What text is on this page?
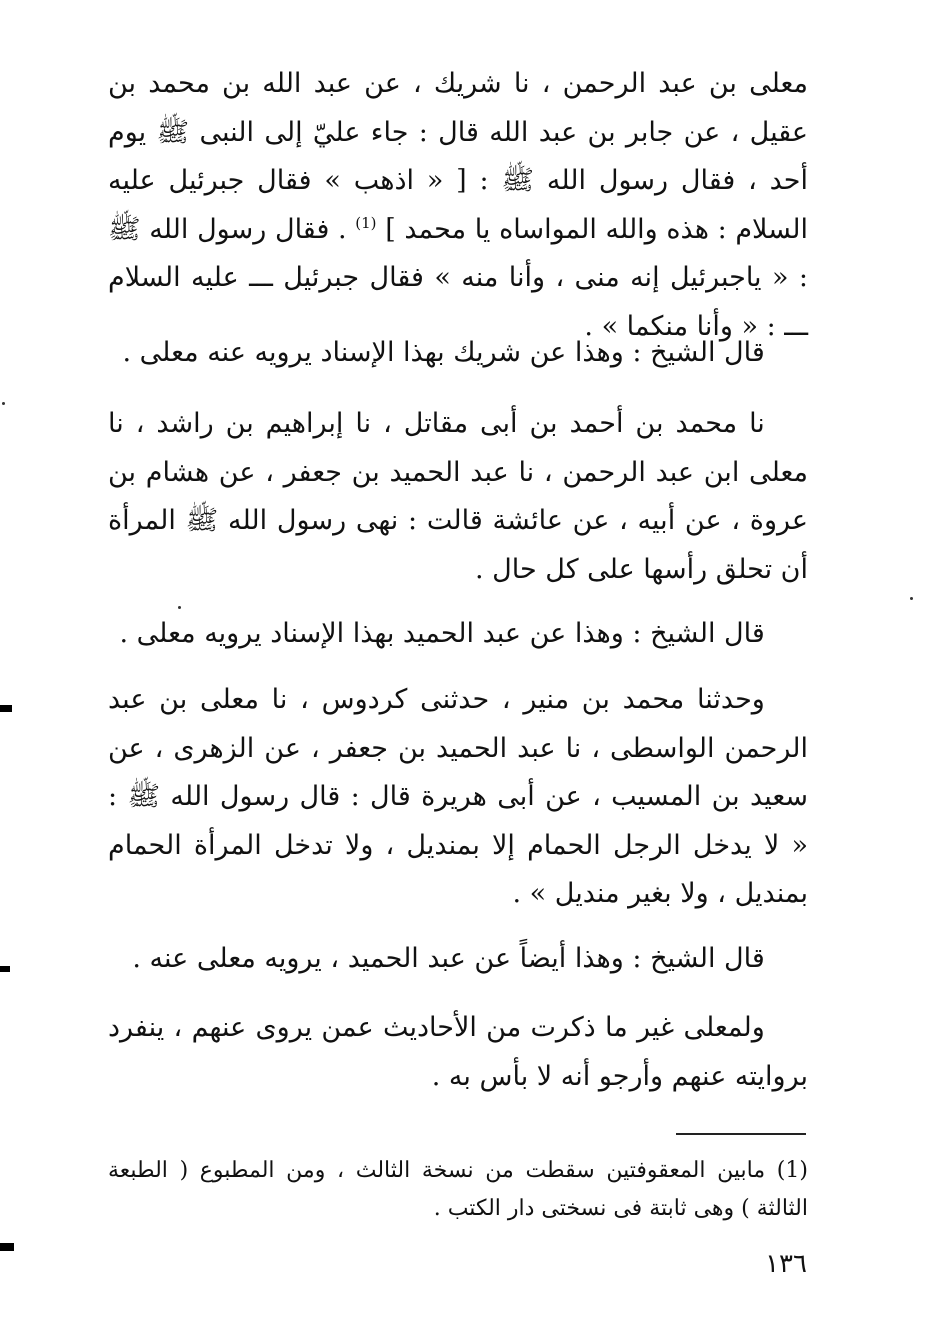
معلى بن عبد الرحمن ، نا شريك ، عن عبد الله بن محمد بن عقيل ، عن جابر بن عبد الله قال : جاء عليّ إلى النبى ﷺ يوم أحد ، فقال رسول الله ﷺ : [ « اذهب » فقال جبرئيل عليه السلام : هذه والله المواساه يا محمد ] $^{(1)}$ . فقال رسول الله ﷺ : « ياجبرئيل إنه منى ، وأنا منه » فقال جبرئيل ـــ عليه السلام ـــ : « وأنا منكما » .

قال الشيخ : وهذا عن شريك بهذا الإسناد يرويه عنه معلى .

نا محمد بن أحمد بن أبى مقاتل ، نا إبراهيم بن راشد ، نا معلى ابن عبد الرحمن ، نا عبد الحميد بن جعفر ، عن هشام بن عروة ، عن أبيه ، عن عائشة قالت : نهى رسول الله ﷺ المرأة أن تحلق رأسها على كل حال .

قال الشيخ : وهذا عن عبد الحميد بهذا الإسناد يرويه معلى .

وحدثنا محمد بن منير ، حدثنى كردوس ، نا معلى بن عبد الرحمن الواسطى ، نا عبد الحميد بن جعفر ، عن الزهرى ، عن سعيد بن المسيب ، عن أبى هريرة قال : قال رسول الله ﷺ : « لا يدخل الرجل الحمام إلا بمنديل ، ولا تدخل المرأة الحمام بمنديل ، ولا بغير منديل » .

قال الشيخ : وهذا أيضاً عن عبد الحميد ، يرويه معلى عنه .

ولمعلى غير ما ذكرت من الأحاديث عمن يروى عنهم ، ينفرد بروايته عنهم وأرجو أنه لا بأس به .

(1) مابين المعقوفتين سقطت من نسخة الثالث ، ومن المطبوع ( الطبعة الثالثة ) وهى ثابتة فى نسختى دار الكتب .

١٣٦
